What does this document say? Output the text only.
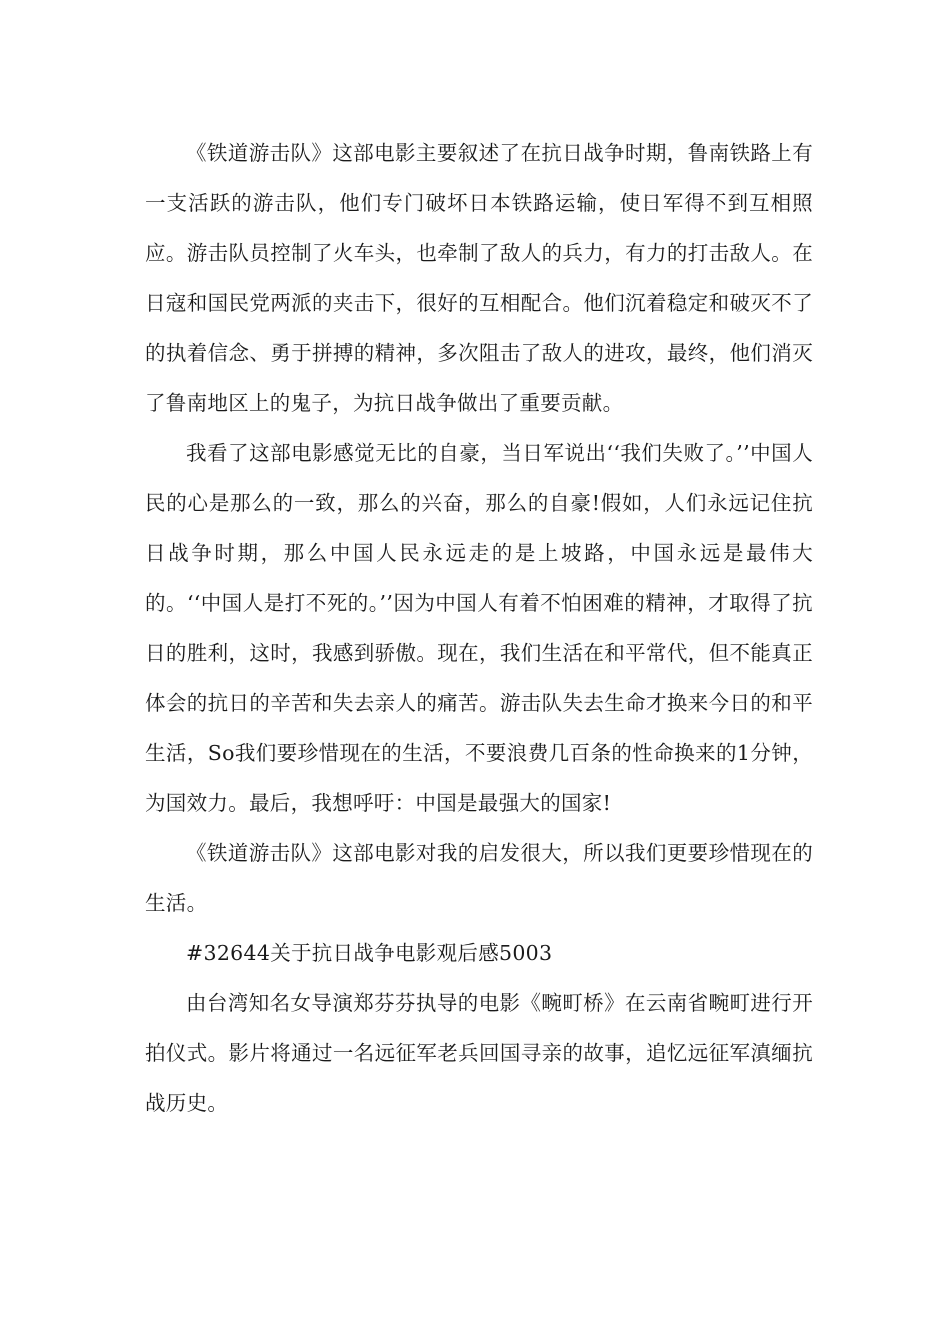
《铁道游击队》这部电影主要叙述了在抗日战争时期，鲁南铁路上有一支活跃的游击队，他们专门破坏日本铁路运输，使日军得不到互相照应。游击队员控制了火车头，也牵制了敌人的兵力，有力的打击敌人。在日寇和国民党两派的夹击下，很好的互相配合。他们沉着稳定和破灭不了的执着信念、勇于拼搏的精神，多次阻击了敌人的进攻，最终，他们消灭了鲁南地区上的鬼子，为抗日战争做出了重要贡献。

我看了这部电影感觉无比的自豪，当日军说出‘‘我们失败了。’’中国人民的心是那么的一致，那么的兴奋，那么的自豪!假如，人们永远记住抗日战争时期，那么中国人民永远走的是上坡路，中国永远是最伟大的。‘‘中国人是打不死的。’’因为中国人有着不怕困难的精神，才取得了抗日的胜利，这时，我感到骄傲。现在，我们生活在和平常代，但不能真正体会的抗日的辛苦和失去亲人的痛苦。游击队失去生命才换来今日的和平生活，So我们要珍惜现在的生活，不要浪费几百条的性命换来的1分钟，为国效力。最后，我想呼吁：中国是最强大的国家!

《铁道游击队》这部电影对我的启发很大，所以我们更要珍惜现在的生活。

#32644关于抗日战争电影观后感5003

由台湾知名女导演郑芬芬执导的电影《畹町桥》在云南省畹町进行开拍仪式。影片将通过一名远征军老兵回国寻亲的故事，追忆远征军滇缅抗战历史。
